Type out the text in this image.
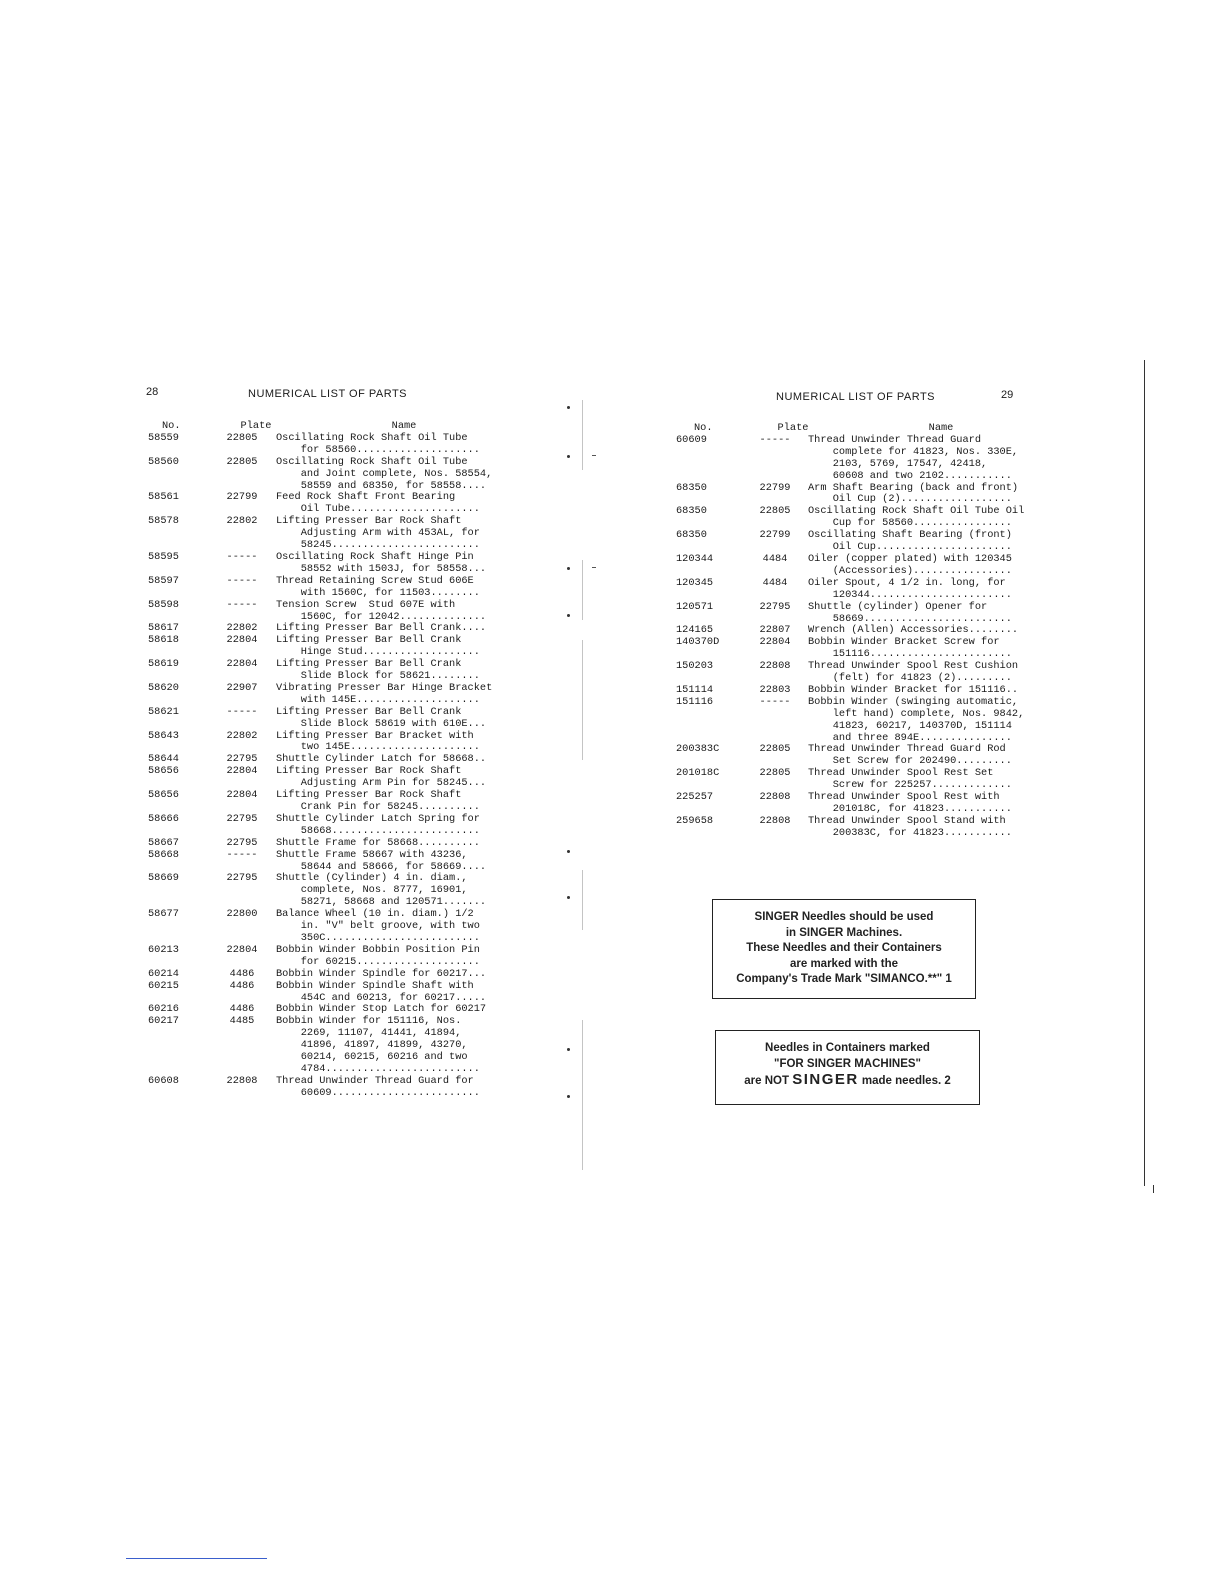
28	NUMERICAL LIST OF PARTS
No.	Plate	Name
58559	22805	Oscillating Rock Shaft Oil Tube
for 58560....................
58560	22805	Oscillating Rock Shaft Oil Tube
and Joint complete, Nos. 58554,
58559 and 68350, for 58558....
58561	22799	Feed Rock Shaft Front Bearing
Oil Tube.....................
58578	22802	Lifting Presser Bar Rock Shaft
Adjusting Arm with 453AL, for
58245........................
58595	-----	Oscillating Rock Shaft Hinge Pin
58552 with 1503J, for 58558...
58597	-----	Thread Retaining Screw Stud 606E
with 1560C, for 11503........
58598	-----	Tension Screw  Stud 607E with
1560C, for 12042..............
58617	22802	Lifting Presser Bar Bell Crank....
58618	22804	Lifting Presser Bar Bell Crank
Hinge Stud...................
58619	22804	Lifting Presser Bar Bell Crank
Slide Block for 58621........
58620	22907	Vibrating Presser Bar Hinge Bracket
with 145E....................
58621	-----	Lifting Presser Bar Bell Crank
Slide Block 58619 with 610E...
58643	22802	Lifting Presser Bar Bracket with
two 145E.....................
58644	22795	Shuttle Cylinder Latch for 58668..
58656	22804	Lifting Presser Bar Rock Shaft
Adjusting Arm Pin for 58245...
58656	22804	Lifting Presser Bar Rock Shaft
Crank Pin for 58245..........
58666	22795	Shuttle Cylinder Latch Spring for
58668........................
58667	22795	Shuttle Frame for 58668..........
58668	-----	Shuttle Frame 58667 with 43236,
58644 and 58666, for 58669....
58669	22795	Shuttle (Cylinder) 4 in. diam.,
complete, Nos. 8777, 16901,
58271, 58668 and 120571.......
58677	22800	Balance Wheel (10 in. diam.) 1/2
in. "V" belt groove, with two
350C.........................
60213	22804	Bobbin Winder Bobbin Position Pin
for 60215....................
60214	4486	Bobbin Winder Spindle for 60217...
60215	4486	Bobbin Winder Spindle Shaft with
454C and 60213, for 60217.....
60216	4486	Bobbin Winder Stop Latch for 60217
60217	4485	Bobbin Winder for 151116, Nos.
2269, 11107, 41441, 41894,
41896, 41897, 41899, 43270,
60214, 60215, 60216 and two
4784.........................
60608	22808	Thread Unwinder Thread Guard for
60609........................
NUMERICAL LIST OF PARTS	29
No.	Plate	Name
60609	-----	Thread Unwinder Thread Guard
complete for 41823, Nos. 330E,
2103, 5769, 17547, 42418,
60608 and two 2102...........
68350	22799	Arm Shaft Bearing (back and front)
Oil Cup (2)..................
68350	22805	Oscillating Rock Shaft Oil Tube Oil
Cup for 58560................
68350	22799	Oscillating Shaft Bearing (front)
Oil Cup......................
120344	4484	Oiler (copper plated) with 120345
(Accessories)................
120345	4484	Oiler Spout, 4 1/2 in. long, for
120344.......................
120571	22795	Shuttle (cylinder) Opener for
58669........................
124165	22807	Wrench (Allen) Accessories........
140370D	22804	Bobbin Winder Bracket Screw for
151116.......................
150203	22808	Thread Unwinder Spool Rest Cushion
(felt) for 41823 (2).........
151114	22803	Bobbin Winder Bracket for 151116..
151116	-----	Bobbin Winder (swinging automatic,
left hand) complete, Nos. 9842,
41823, 60217, 140370D, 151114
and three 894E...............
200383C	22805	Thread Unwinder Thread Guard Rod
Set Screw for 202490.........
201018C	22805	Thread Unwinder Spool Rest Set
Screw for 225257.............
225257	22808	Thread Unwinder Spool Rest with
201018C, for 41823...........
259658	22808	Thread Unwinder Spool Stand with
200383C, for 41823...........
SINGER Needles should be used
in SINGER Machines.
These Needles and their Containers
are marked with the
Company's Trade Mark "SIMANCO.**" 1
Needles in Containers marked
"FOR SINGER MACHINES"
are NOT SINGER made needles. 2
